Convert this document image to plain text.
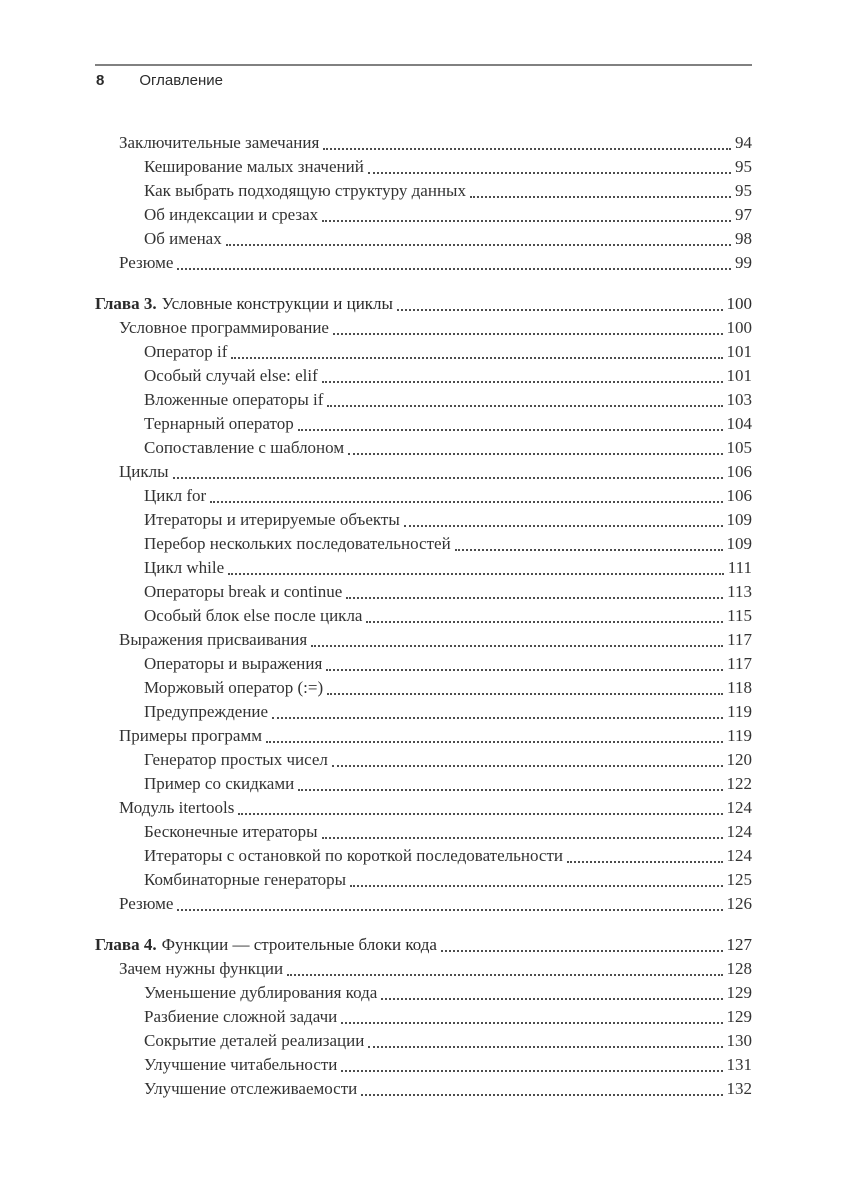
8 Оглавление
Заключительные замечания	94
Кеширование малых значений	95
Как выбрать подходящую структуру данных	95
Об индексации и срезах	97
Об именах	98
Резюме	99
Глава 3. Условные конструкции и циклы	100
Условное программирование	100
Оператор if	101
Особый случай else: elif	101
Вложенные операторы if	103
Тернарный оператор	104
Сопоставление с шаблоном	105
Циклы	106
Цикл for	106
Итераторы и итерируемые объекты	109
Перебор нескольких последовательностей	109
Цикл while	111
Операторы break и continue	113
Особый блок else после цикла	115
Выражения присваивания	117
Операторы и выражения	117
Моржовый оператор (:=)	118
Предупреждение	119
Примеры программ	119
Генератор простых чисел	120
Пример со скидками	122
Модуль itertools	124
Бесконечные итераторы	124
Итераторы с остановкой по короткой последовательности	124
Комбинаторные генераторы	125
Резюме	126
Глава 4. Функции — строительные блоки кода	127
Зачем нужны функции	128
Уменьшение дублирования кода	129
Разбиение сложной задачи	129
Сокрытие деталей реализации	130
Улучшение читабельности	131
Улучшение отслеживаемости	132
